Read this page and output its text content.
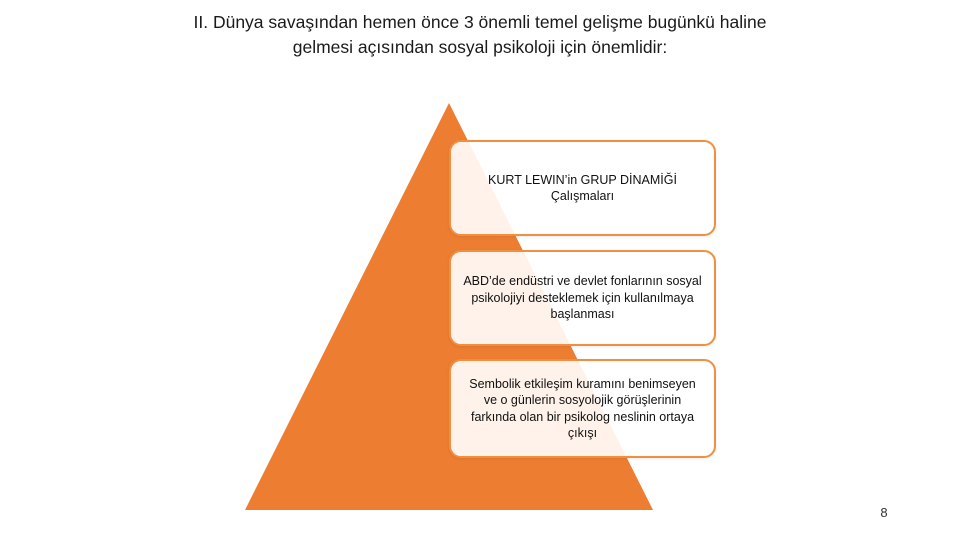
II. Dünya savaşından hemen önce 3 önemli temel gelişme bugünkü haline
gelmesi açısından sosyal psikoloji için önemlidir:
KURT LEWIN’in GRUP DİNAMİĞİ Çalışmaları
ABD’de endüstri ve devlet fonlarının sosyal psikolojiyi desteklemek için kullanılmaya başlanması
Sembolik etkileşim kuramını benimseyen ve o günlerin sosyolojik görüşlerinin farkında olan bir psikolog neslinin ortaya çıkışı
8
